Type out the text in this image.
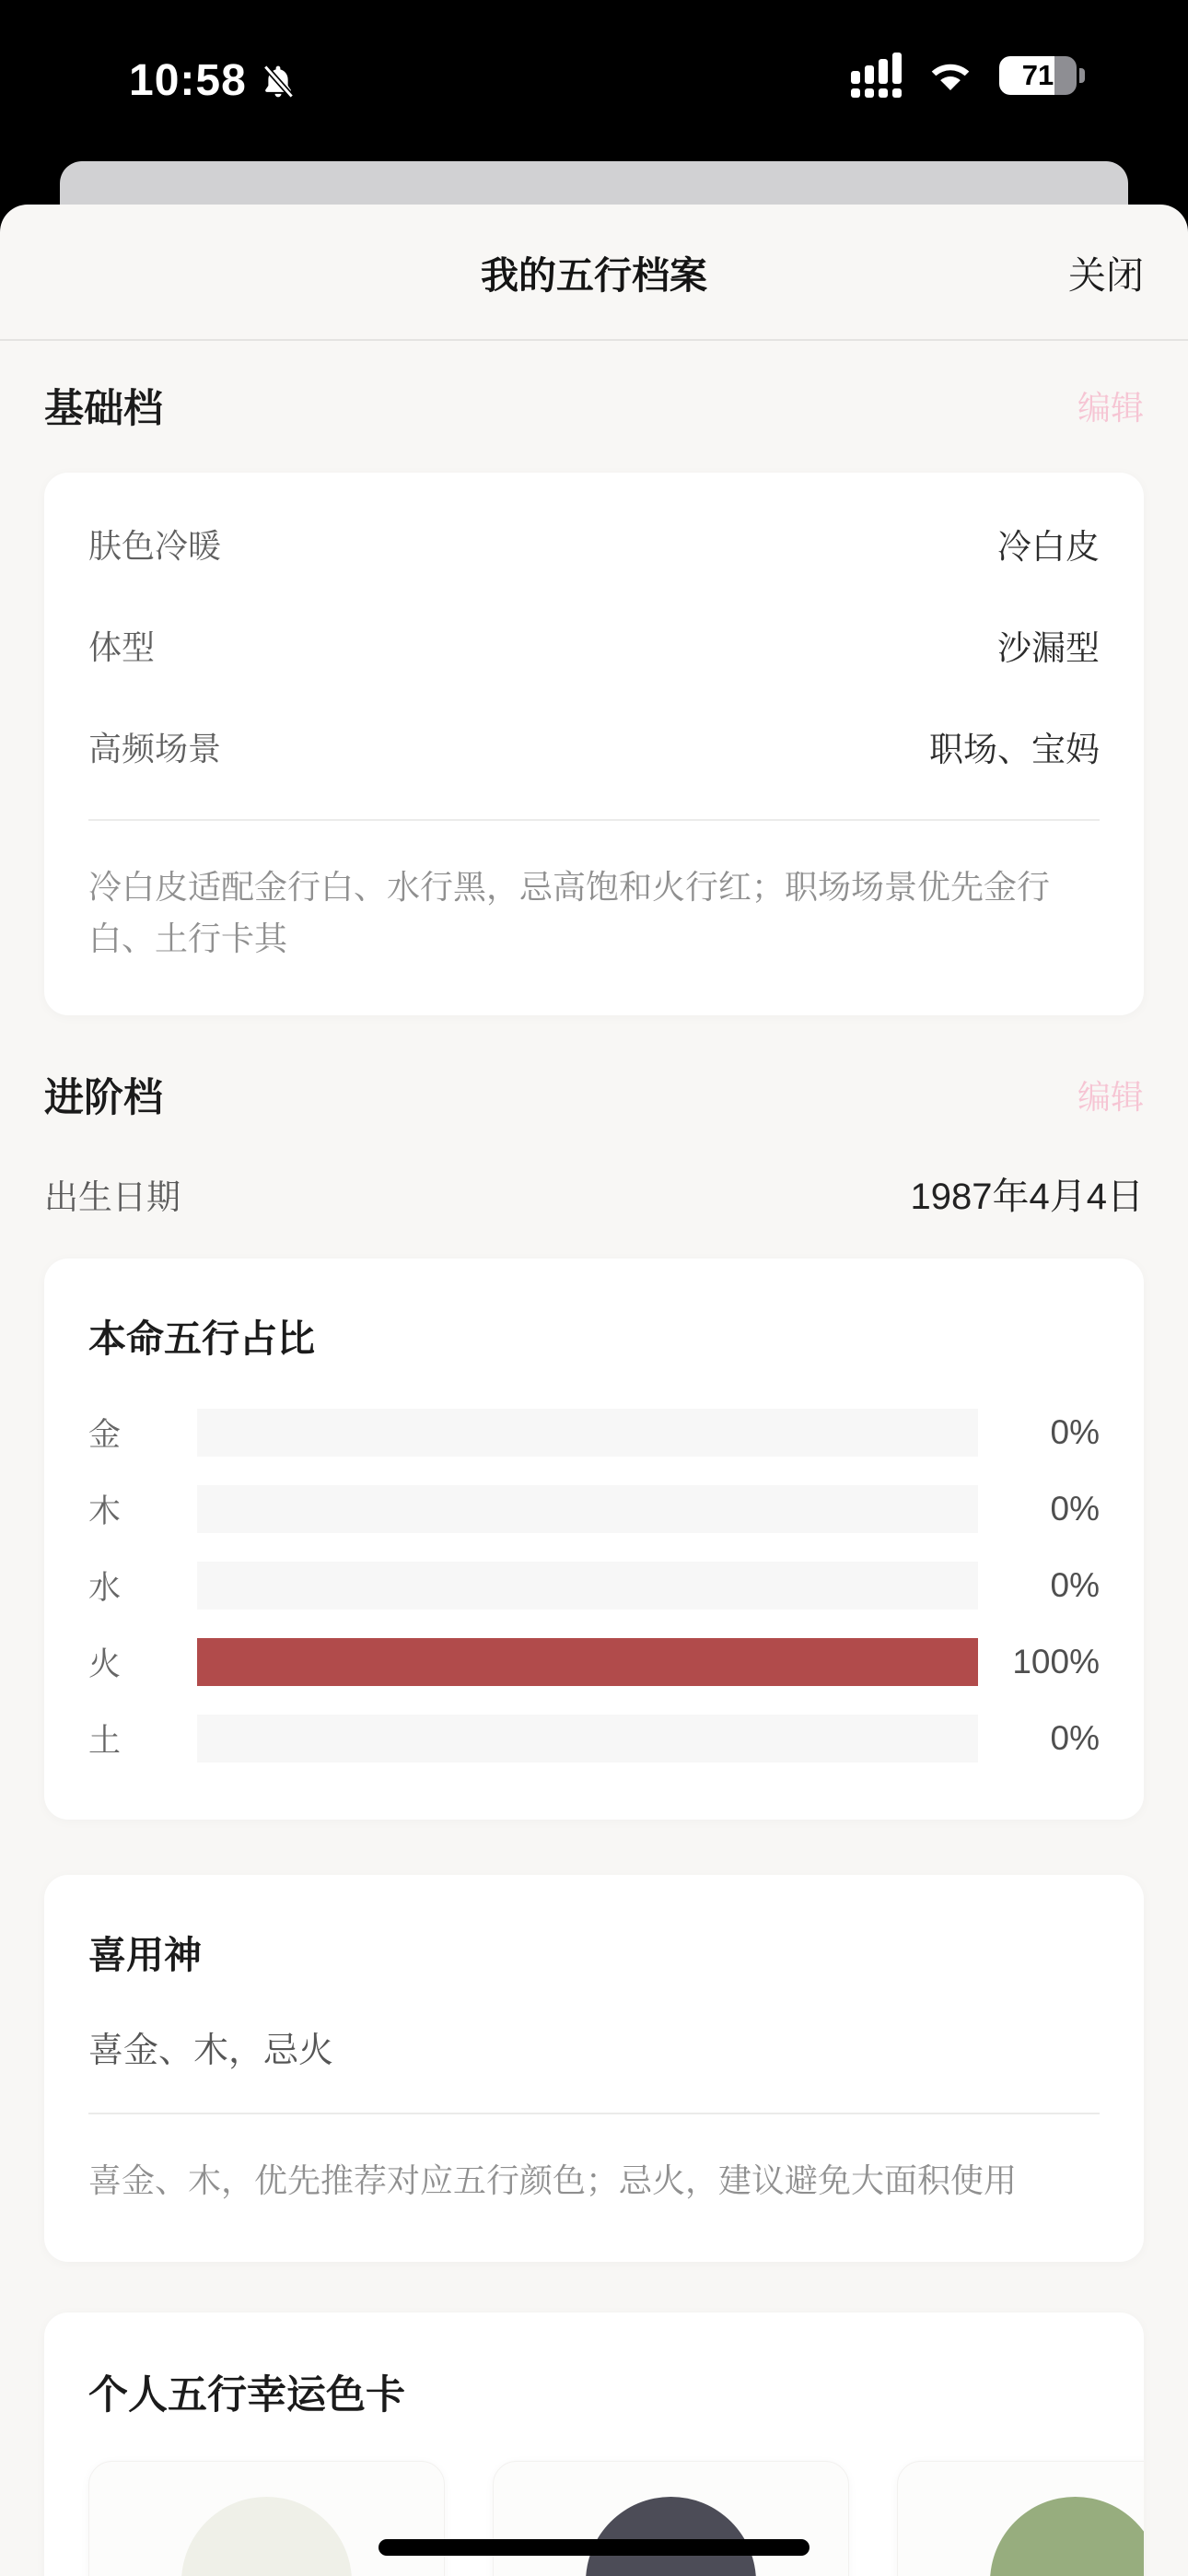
10:58	71
我的五行档案	关闭
基础档	编辑
肤色冷暖	冷白皮
体型	沙漏型
高频场景	职场、宝妈
冷白皮适配金行白、水行黑，忌高饱和火行红；职场场景优先金行白、土行卡其
进阶档	编辑
出生日期	1987年4月4日
本命五行占比
金	0%
木	0%
水	0%
火	100%
土	0%
喜用神
喜金、木，忌火
喜金、木，优先推荐对应五行颜色；忌火，建议避免大面积使用
个人五行幸运色卡
